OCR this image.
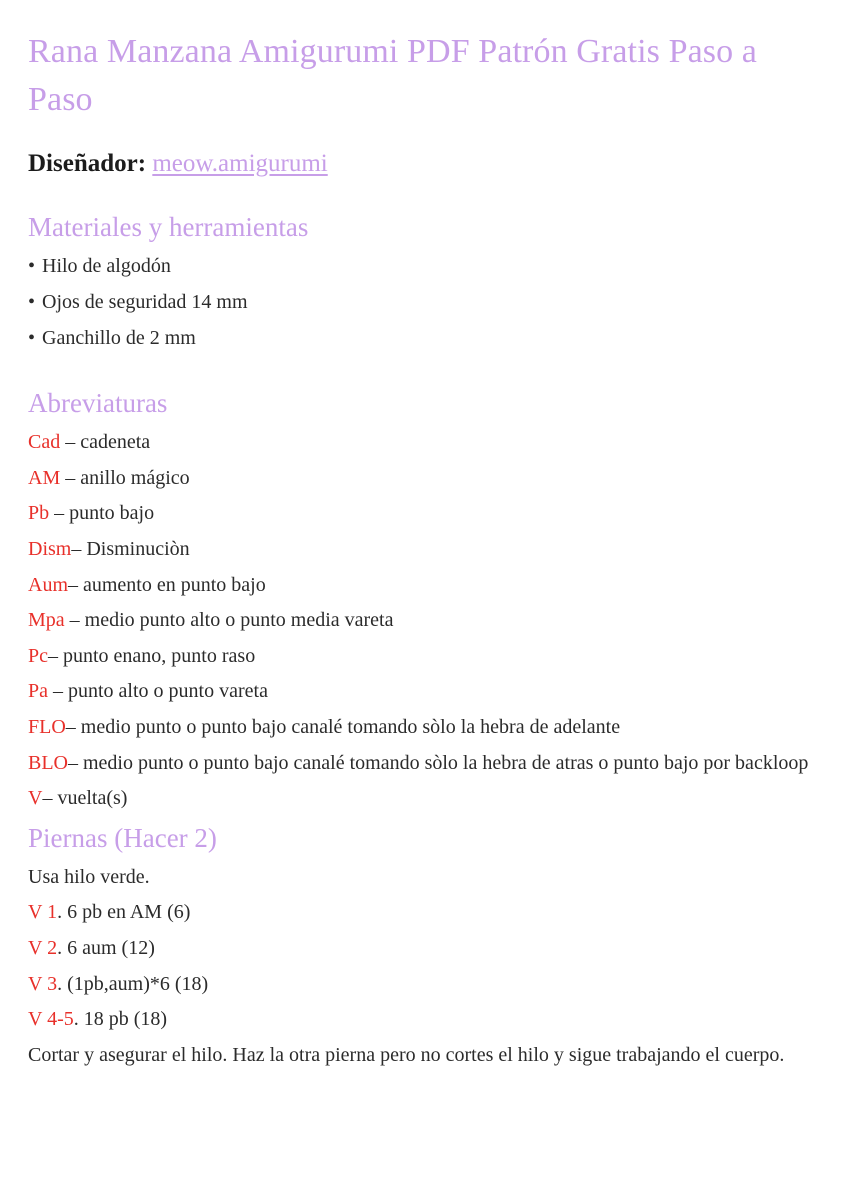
Rana Manzana Amigurumi PDF Patrón Gratis Paso a Paso

Diseñador: meow.amigurumi

Materiales y herramientas

• Hilo de algodón

• Ojos de seguridad 14 mm

• Ganchillo de 2 mm

Abreviaturas

Cad – cadeneta

AM – anillo mágico

Pb – punto bajo

Dism– Disminuciòn

Aum– aumento en punto bajo

Mpa – medio punto alto o punto media vareta

Pc– punto enano, punto raso

Pa – punto alto o punto vareta

FLO– medio punto o punto bajo canalé tomando sòlo la hebra de adelante

BLO– medio punto o punto bajo canalé tomando sòlo la hebra de atras o punto bajo por backloop

V– vuelta(s)

Piernas (Hacer 2)

Usa hilo verde.

V 1. 6 pb en AM (6)

V 2. 6 aum (12)

V 3. (1pb,aum)*6 (18)

V 4-5. 18 pb (18)

Cortar y asegurar el hilo. Haz la otra pierna pero no cortes el hilo y sigue trabajando el cuerpo.
